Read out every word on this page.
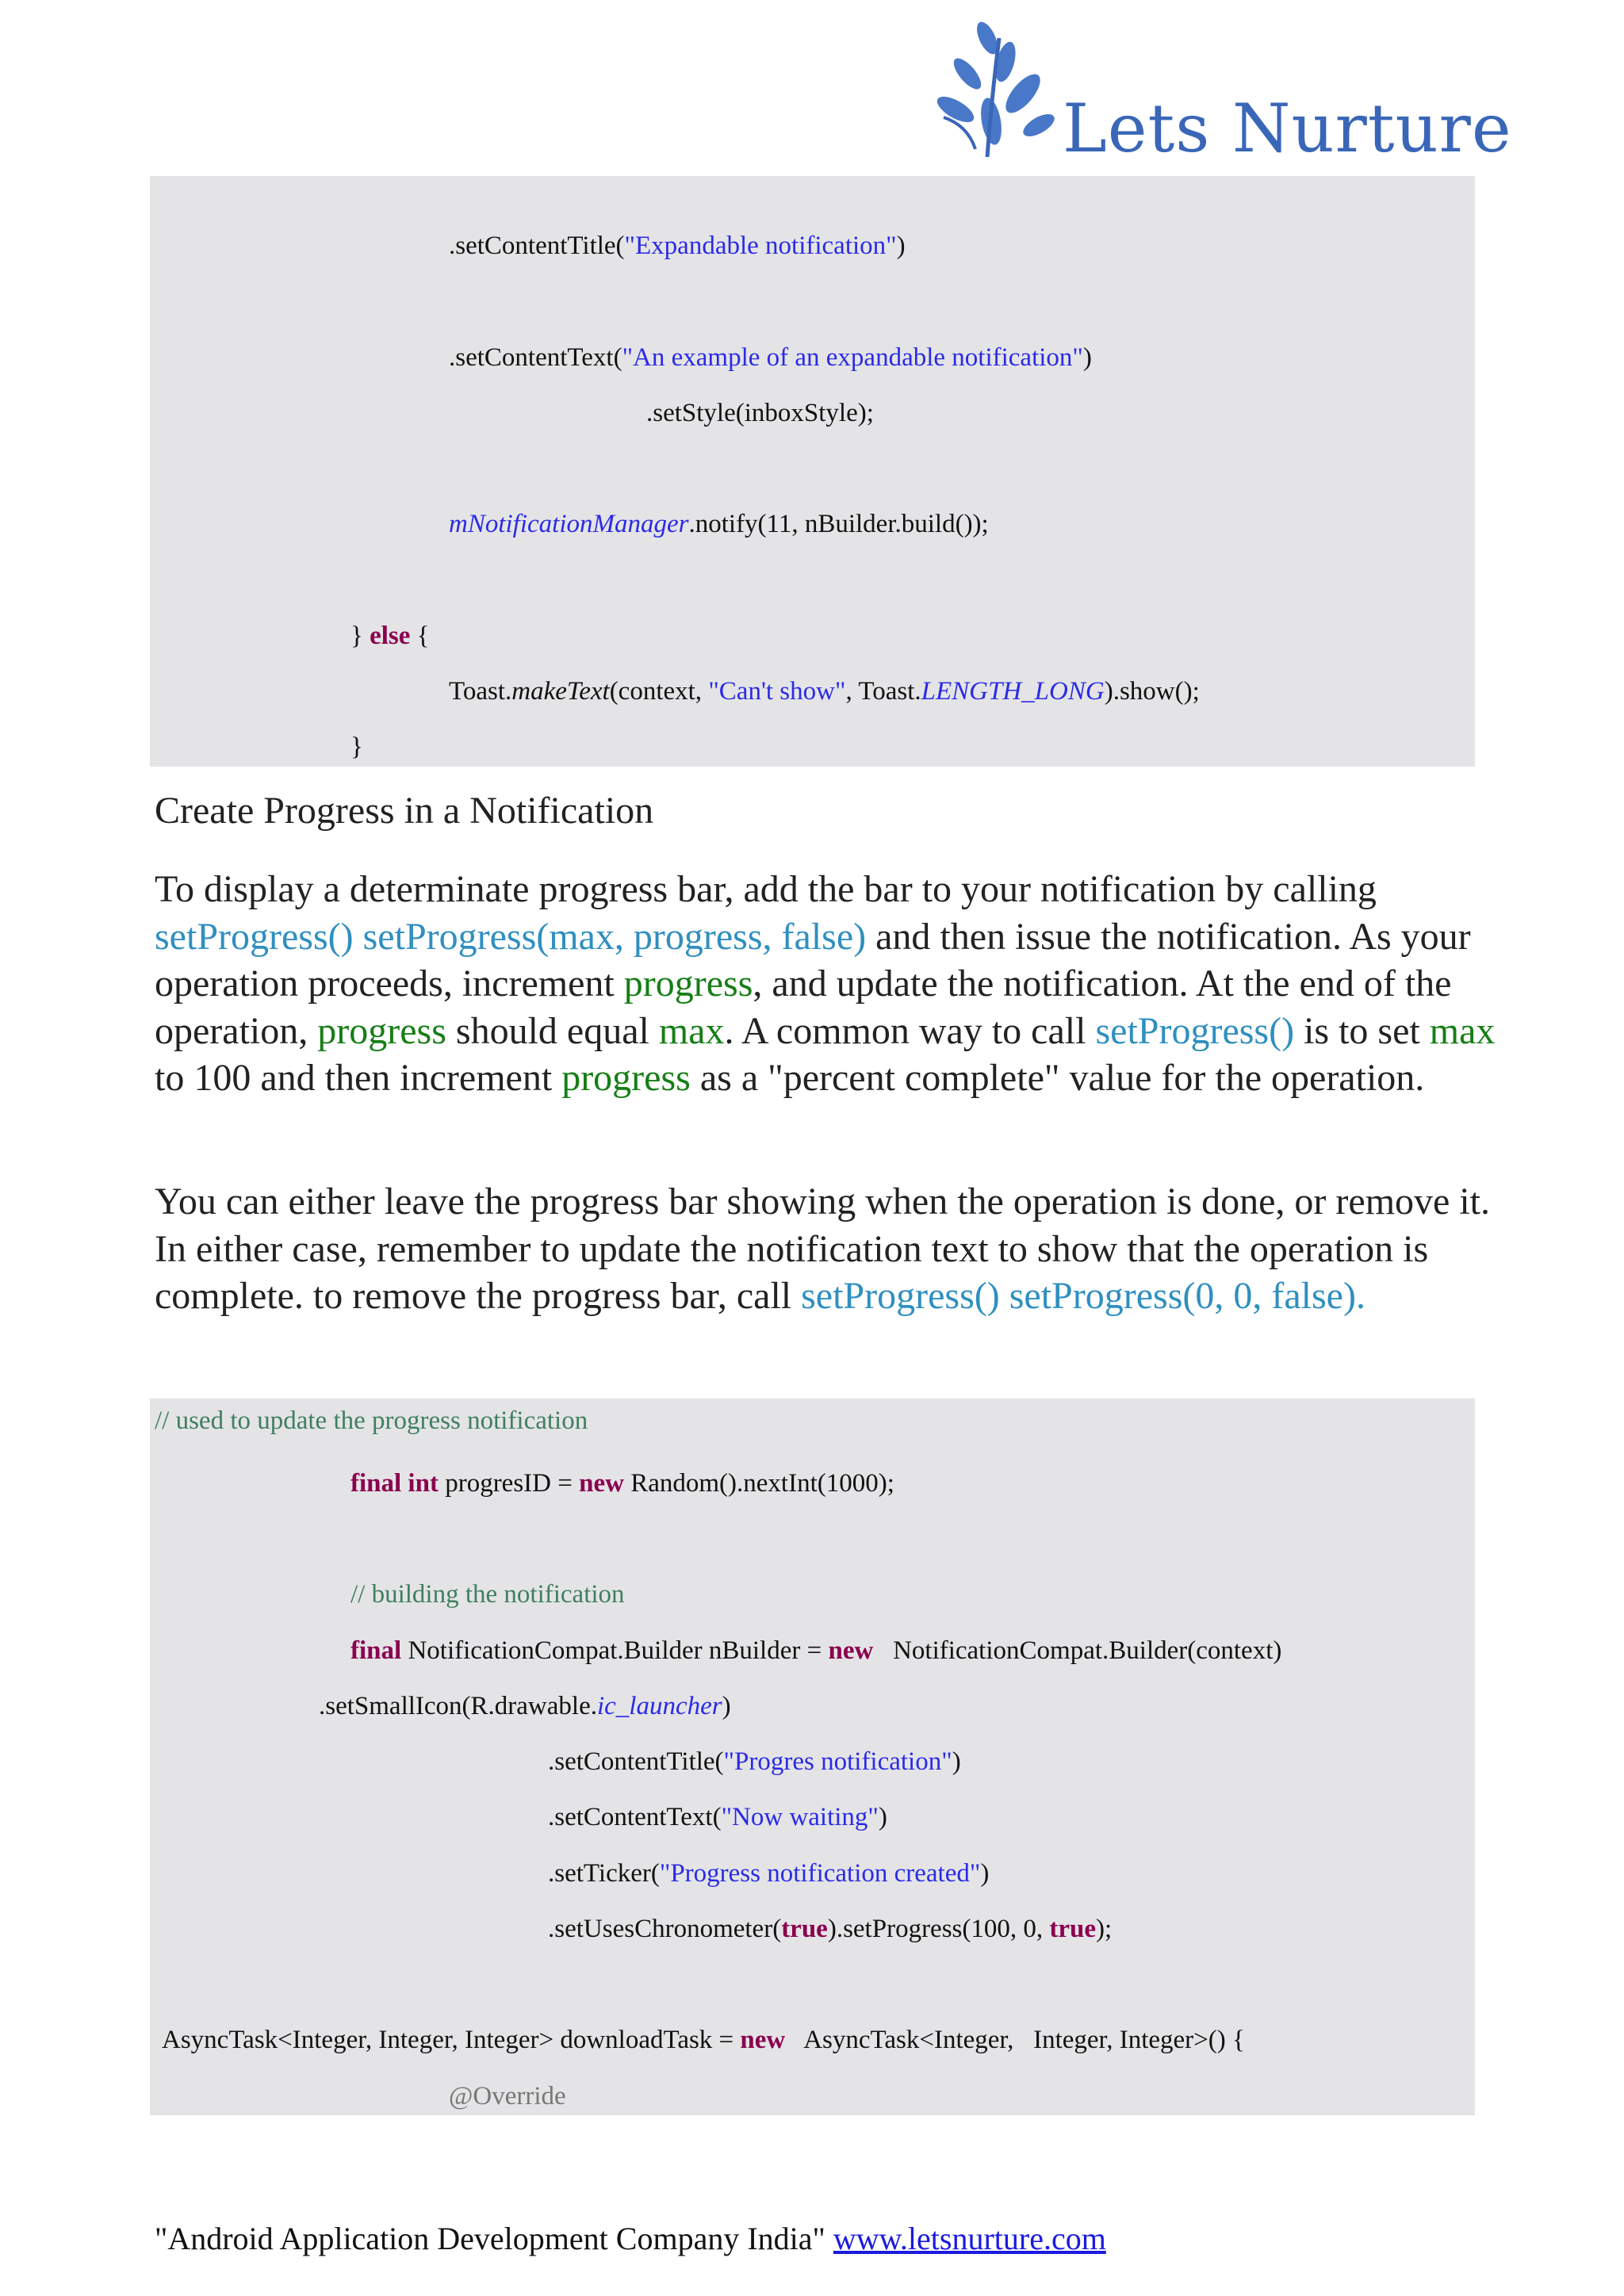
Lets Nurture
.setContentTitle("Expandable notification")
.setContentText("An example of an expandable notification")
.setStyle(inboxStyle);
mNotificationManager.notify(11, nBuilder.build());
} else {
Toast.makeText(context, "Can't show", Toast.LENGTH_LONG).show();
}
Create Progress in a Notification

To display a determinate progress bar, add the bar to your notification by calling setProgress() setProgress(max, progress, false) and then issue the notification. As your operation proceeds, increment progress, and update the notification. At the end of the operation, progress should equal max. A common way to call setProgress() is to set max to 100 and then increment progress as a "percent complete" value for the operation.

You can either leave the progress bar showing when the operation is done, or remove it. In either case, remember to update the notification text to show that the operation is complete. to remove the progress bar, call setProgress() setProgress(0, 0, false).

// used to update the progress notification
final int progresID = new Random().nextInt(1000);
// building the notification
final NotificationCompat.Builder nBuilder = new   NotificationCompat.Builder(context)
.setSmallIcon(R.drawable.ic_launcher)
.setContentTitle("Progres notification")
.setContentText("Now waiting")
.setTicker("Progress notification created")
.setUsesChronometer(true).setProgress(100, 0, true);
AsyncTask<Integer, Integer, Integer> downloadTask = new   AsyncTask<Integer,   Integer, Integer>() {
@Override
"Android Application Development Company India" www.letsnurture.com
